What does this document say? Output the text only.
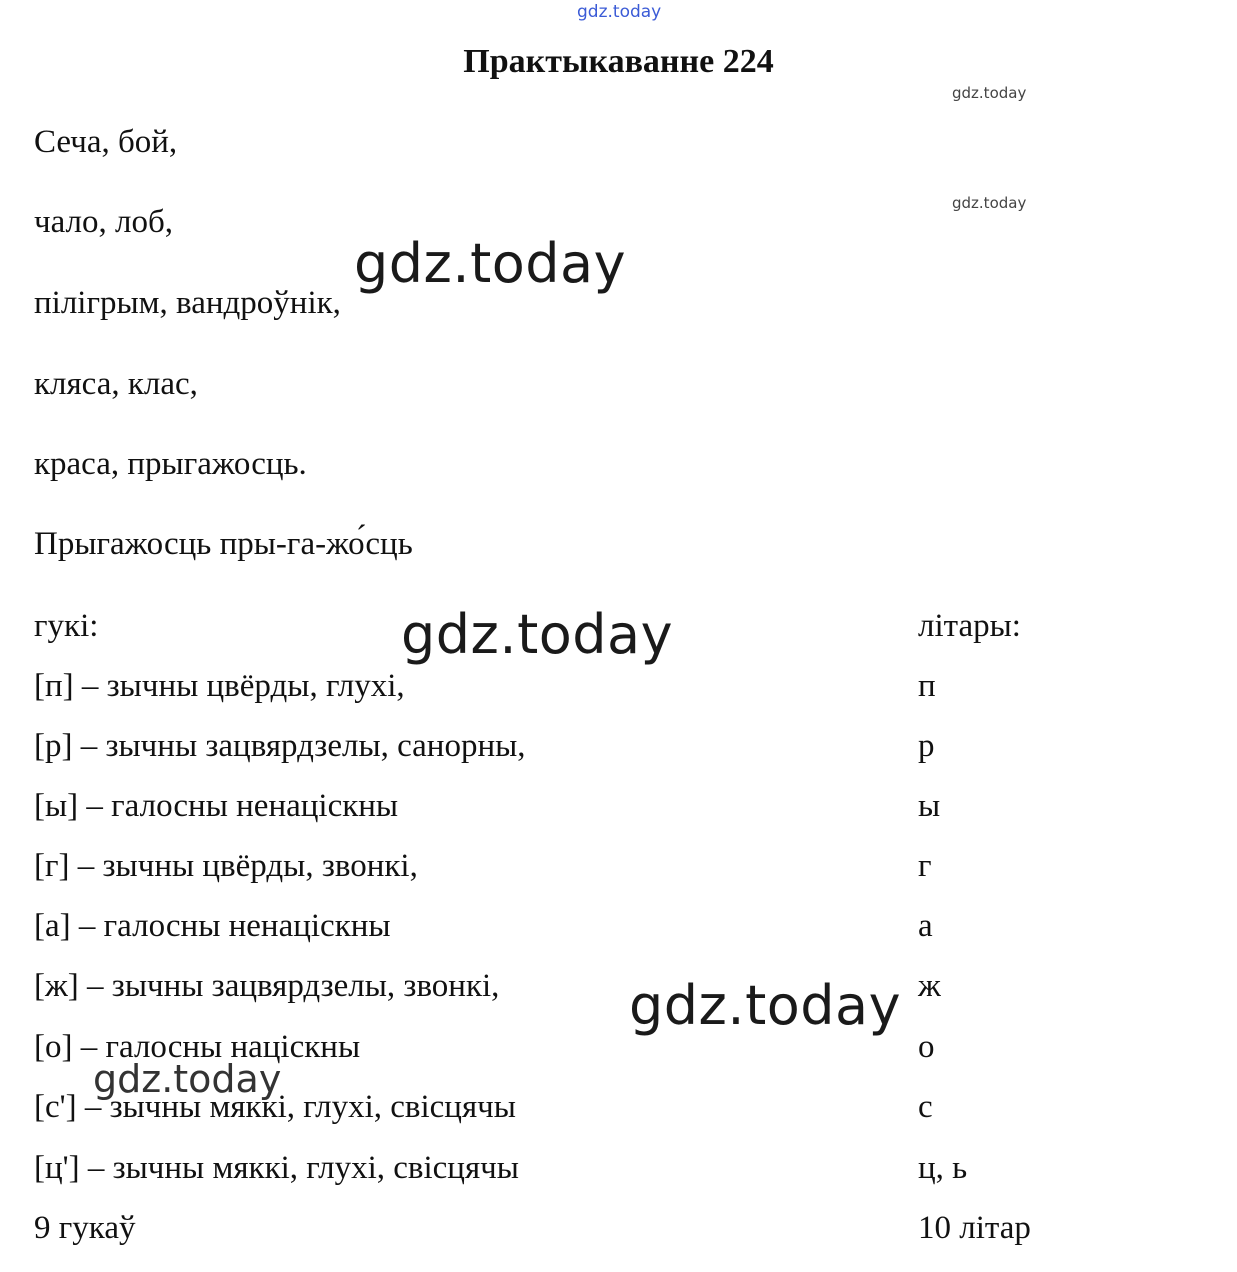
gdz.today
gdz.today
gdz.today
Практыкаванне 224
Сеча, бой,
чало, лоб,
пілігрым, вандроўнік,
кляса, клас,
краса, прыгажосць.
Прыгажосць пры-га-жо́сць
гукі:	літары:
[п] – зычны цвёрды, глухі,
[р] – зычны зацвярдзелы, санорны,
[ы] – галосны ненаціскны
[г] – зычны цвёрды, звонкі,
[а] – галосны ненаціскны
[ж] – зычны зацвярдзелы, звонкі,
[о] – галосны націскны
[с'] – зычны мяккі, глухі, свісцячы
[ц'] – зычны мяккі, глухі, свісцячы
п
р
ы
г
а
ж
о
с
ц, ь
9 гукаў	10 літар
gdz.today
gdz.today
gdz.today
gdz.today
